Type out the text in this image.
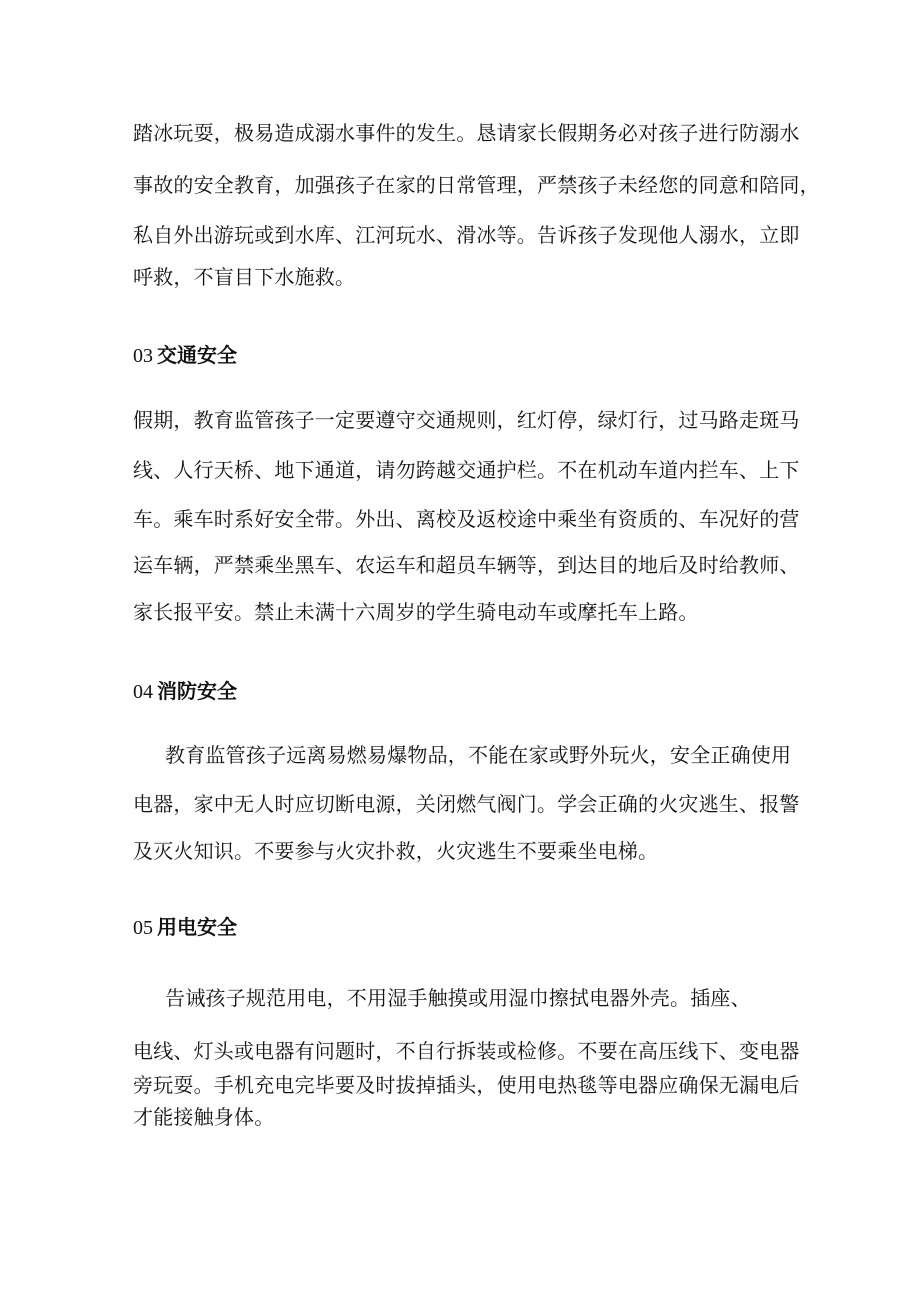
踏冰玩耍，极易造成溺水事件的发生。恳请家长假期务必对孩子进行防溺水
事故的安全教育，加强孩子在家的日常管理，严禁孩子未经您的同意和陪同，
私自外出游玩或到水库、江河玩水、滑冰等。告诉孩子发现他人溺水，立即
呼救，不盲目下水施救。
03 交通安全
假期，教育监管孩子一定要遵守交通规则，红灯停，绿灯行，过马路走斑马
线、人行天桥、地下通道，请勿跨越交通护栏。不在机动车道内拦车、上下
车。乘车时系好安全带。外出、离校及返校途中乘坐有资质的、车况好的营
运车辆，严禁乘坐黑车、农运车和超员车辆等，到达目的地后及时给教师、
家长报平安。禁止未满十六周岁的学生骑电动车或摩托车上路。
04 消防安全
教育监管孩子远离易燃易爆物品，不能在家或野外玩火，安全正确使用
电器，家中无人时应切断电源，关闭燃气阀门。学会正确的火灾逃生、报警
及灭火知识。不要参与火灾扑救，火灾逃生不要乘坐电梯。
05 用电安全
告诫孩子规范用电，不用湿手触摸或用湿巾擦拭电器外壳。插座、
电线、灯头或电器有问题时，不自行拆装或检修。不要在高压线下、变电器
旁玩耍。手机充电完毕要及时拔掉插头，使用电热毯等电器应确保无漏电后
才能接触身体。
